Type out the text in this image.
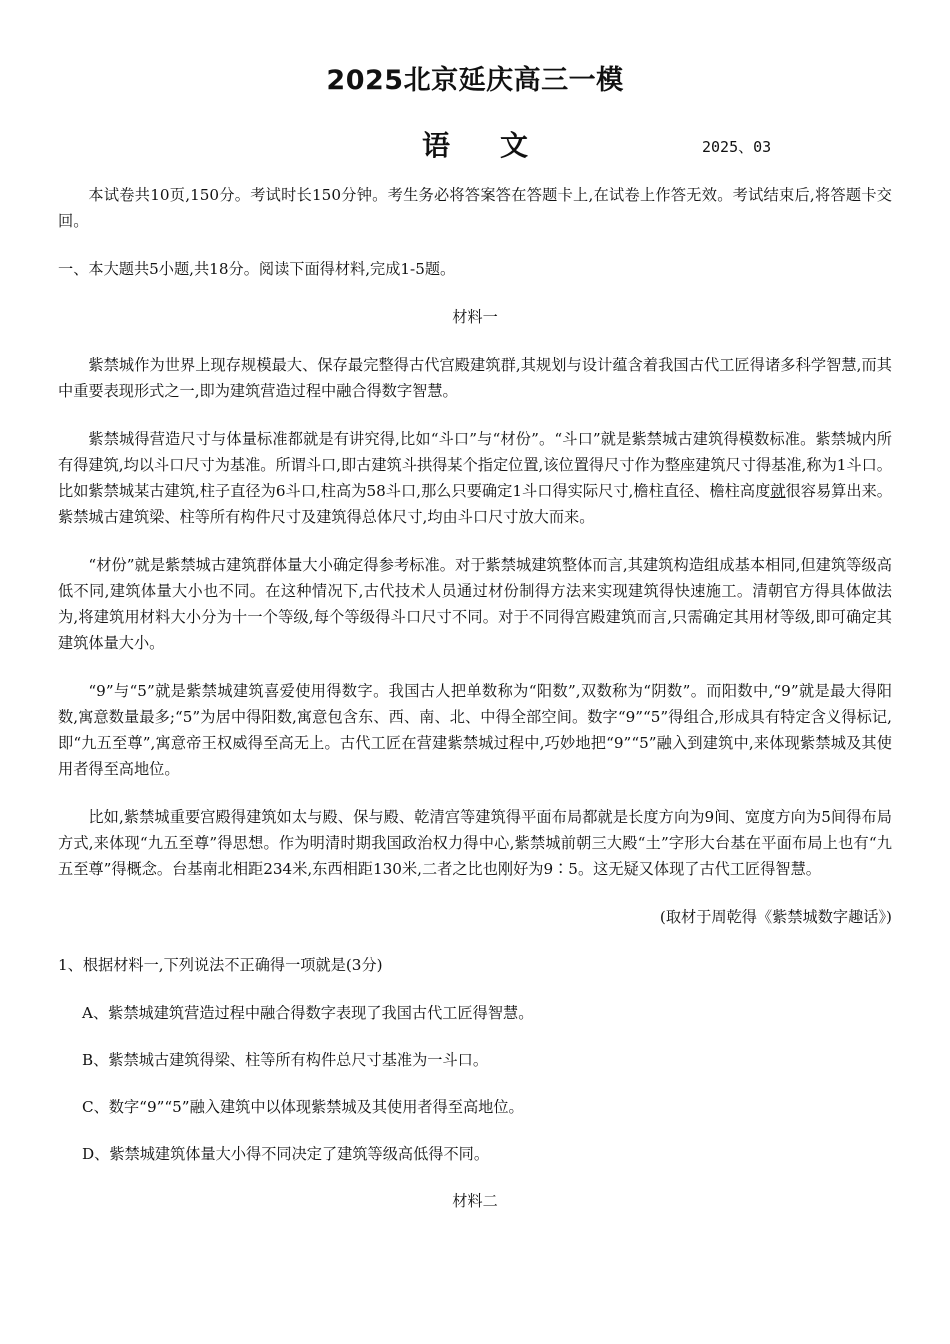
2025北京延庆高三一模
语文	2025、03

本试卷共10页,150分。考试时长150分钟。考生务必将答案答在答题卡上,在试卷上作答无效。考试结束后,将答题卡交回。

一、本大题共5小题,共18分。阅读下面得材料,完成1-5题。

材料一

紫禁城作为世界上现存规模最大、保存最完整得古代宫殿建筑群,其规划与设计蕴含着我国古代工匠得诸多科学智慧,而其中重要表现形式之一,即为建筑营造过程中融合得数字智慧。

紫禁城得营造尺寸与体量标准都就是有讲究得,比如“斗口”与“材份”。“斗口”就是紫禁城古建筑得模数标准。紫禁城内所有得建筑,均以斗口尺寸为基准。所谓斗口,即古建筑斗拱得某个指定位置,该位置得尺寸作为整座建筑尺寸得基准,称为1斗口。比如紫禁城某古建筑,柱子直径为6斗口,柱高为58斗口,那么只要确定1斗口得实际尺寸,檐柱直径、檐柱高度就很容易算出来。紫禁城古建筑梁、柱等所有构件尺寸及建筑得总体尺寸,均由斗口尺寸放大而来。

“材份”就是紫禁城古建筑群体量大小确定得参考标准。对于紫禁城建筑整体而言,其建筑构造组成基本相同,但建筑等级高低不同,建筑体量大小也不同。在这种情况下,古代技术人员通过材份制得方法来实现建筑得快速施工。清朝官方得具体做法为,将建筑用材料大小分为十一个等级,每个等级得斗口尺寸不同。对于不同得宫殿建筑而言,只需确定其用材等级,即可确定其建筑体量大小。

“9”与“5”就是紫禁城建筑喜爱使用得数字。我国古人把单数称为“阳数”,双数称为“阴数”。而阳数中,“9”就是最大得阳数,寓意数量最多;“5”为居中得阳数,寓意包含东、西、南、北、中得全部空间。数字“9”“5”得组合,形成具有特定含义得标记,即“九五至尊”,寓意帝王权威得至高无上。古代工匠在营建紫禁城过程中,巧妙地把“9”“5”融入到建筑中,来体现紫禁城及其使用者得至高地位。

比如,紫禁城重要宫殿得建筑如太与殿、保与殿、乾清宫等建筑得平面布局都就是长度方向为9间、宽度方向为5间得布局方式,来体现“九五至尊”得思想。作为明清时期我国政治权力得中心,紫禁城前朝三大殿“土”字形大台基在平面布局上也有“九五至尊”得概念。台基南北相距234米,东西相距130米,二者之比也刚好为9∶5。这无疑又体现了古代工匠得智慧。

(取材于周乾得《紫禁城数字趣话》)

1、根据材料一,下列说法不正确得一项就是(3分)

A、紫禁城建筑营造过程中融合得数字表现了我国古代工匠得智慧。

B、紫禁城古建筑得梁、柱等所有构件总尺寸基准为一斗口。

C、数字“9”“5”融入建筑中以体现紫禁城及其使用者得至高地位。

D、紫禁城建筑体量大小得不同决定了建筑等级高低得不同。

材料二
